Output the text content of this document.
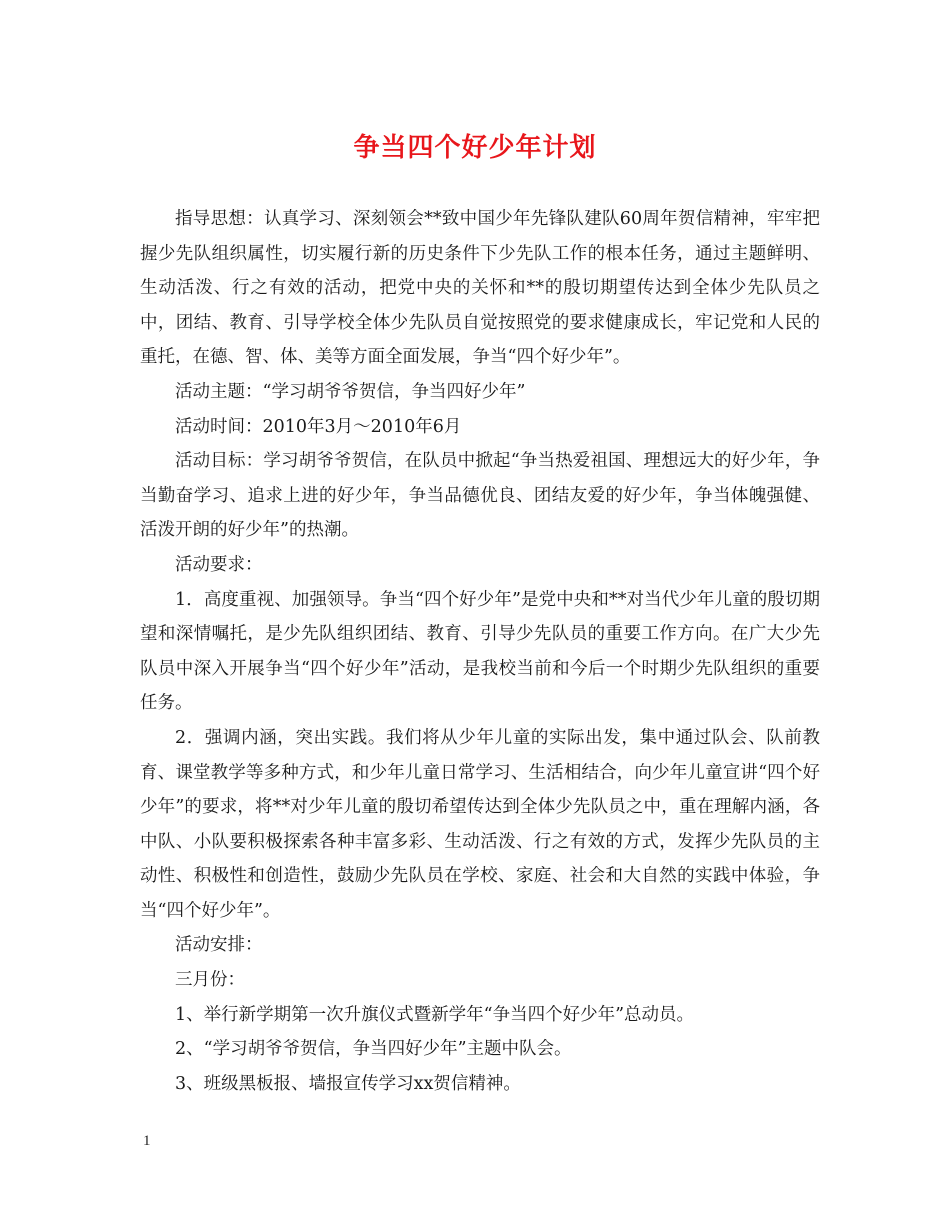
争当四个好少年计划

指导思想：认真学习、深刻领会**致中国少年先锋队建队60周年贺信精神，牢牢把握少先队组织属性，切实履行新的历史条件下少先队工作的根本任务，通过主题鲜明、生动活泼、行之有效的活动，把党中央的关怀和**的殷切期望传达到全体少先队员之中，团结、教育、引导学校全体少先队员自觉按照党的要求健康成长，牢记党和人民的重托，在德、智、体、美等方面全面发展，争当“四个好少年”。

活动主题：“学习胡爷爷贺信，争当四好少年”

活动时间：2010年3月～2010年6月

活动目标：学习胡爷爷贺信，在队员中掀起“争当热爱祖国、理想远大的好少年，争当勤奋学习、追求上进的好少年，争当品德优良、团结友爱的好少年，争当体魄强健、活泼开朗的好少年”的热潮。

活动要求：

1．高度重视、加强领导。争当“四个好少年”是党中央和**对当代少年儿童的殷切期望和深情嘱托，是少先队组织团结、教育、引导少先队员的重要工作方向。在广大少先队员中深入开展争当“四个好少年”活动，是我校当前和今后一个时期少先队组织的重要任务。

2．强调内涵，突出实践。我们将从少年儿童的实际出发，集中通过队会、队前教育、课堂教学等多种方式，和少年儿童日常学习、生活相结合，向少年儿童宣讲“四个好少年”的要求，将**对少年儿童的殷切希望传达到全体少先队员之中，重在理解内涵，各中队、小队要积极探索各种丰富多彩、生动活泼、行之有效的方式，发挥少先队员的主动性、积极性和创造性，鼓励少先队员在学校、家庭、社会和大自然的实践中体验，争当“四个好少年”。

活动安排：

三月份：

1、举行新学期第一次升旗仪式暨新学年“争当四个好少年”总动员。

2、“学习胡爷爷贺信，争当四好少年”主题中队会。

3、班级黑板报、墙报宣传学习xx贺信精神。

1
